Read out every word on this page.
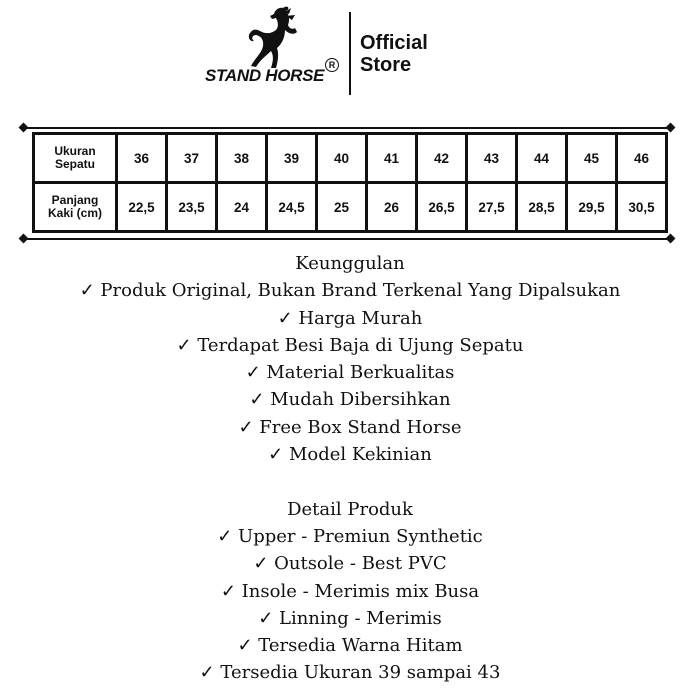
STAND HORSE
R
Official
Store
Ukuran
Sepatu	36	37	38	39	40	41	42	43	44	45	46

Panjang
Kaki (cm)	22,5	23,5	24	24,5	25	26	26,5	27,5	28,5	29,5	30,5
Keunggulan
✓ Produk Original, Bukan Brand Terkenal Yang Dipalsukan
✓ Harga Murah
✓ Terdapat Besi Baja di Ujung Sepatu
✓ Material Berkualitas
✓ Mudah Dibersihkan
✓ Free Box Stand Horse
✓ Model Kekinian
Detail Produk
✓ Upper - Premiun Synthetic
✓ Outsole - Best PVC
✓ Insole - Merimis mix Busa
✓ Linning - Merimis
✓ Tersedia Warna Hitam
✓ Tersedia Ukuran 39 sampai 43
